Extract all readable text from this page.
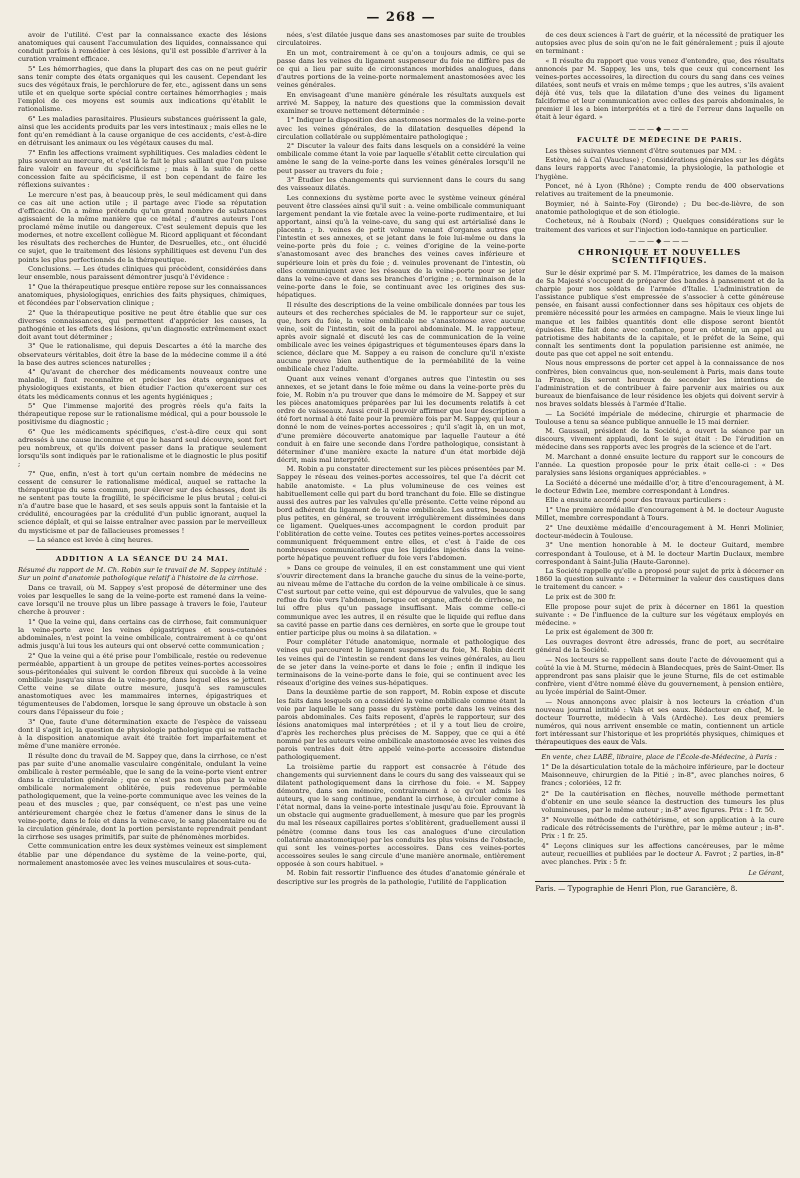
— 268 —

avoir de l'utilité. C'est par la connaissance exacte des lésions anatomiques qui causent l'accumulation des liquides, connaissance qui conduit parfois à remédier à ces lésions, qu'il est possible d'arriver à la curation vraiment efficace.

5° Les hémorrhagies, que dans la plupart des cas on ne peut guérir sans tenir compte des états organiques qui les causent. Cependant les sucs des végétaux frais, le perchlorure de fer, etc., agissent dans un sens utile et en quelque sorte spécial contre certaines hémorrhagies ; mais l'emploi de ces moyens est soumis aux indications qu'établit le rationalisme.

6° Les maladies parasitaires. Plusieurs substances guérissent la gale, ainsi que les accidents produits par les vers intestinaux ; mais elles ne le font qu'en remédiant à la cause organique de ces accidents, c'est-à-dire en détruisant les animaux ou les végétaux causes du mal.

7° Enfin les affections vraiment syphilitiques. Ces maladies cèdent le plus souvent au mercure, et c'est là le fait le plus saillant que l'on puisse faire valoir en faveur du spécificisme ; mais à la suite de cette concession faite au spécificisme, il est bon cependant de faire les réflexions suivantes :

Le mercure n'est pas, à beaucoup près, le seul médicament qui dans ce cas ait une action utile ; il partage avec l'iode sa réputation d'efficacité. On a même prétendu qu'un grand nombre de substances agissaient de la même manière que ce métal ; d'autres auteurs l'ont proclamé même inutile ou dangereux. C'est seulement depuis que les modernes, et notre excellent collègue M. Ricord appliquant et fécondant les résultats des recherches de Hunter, de Desruelles, etc., ont élucidé ce sujet, que le traitement des lésions syphilitiques est devenu l'un des points les plus perfectionnés de la thérapeutique.

Conclusions. — Les études cliniques qui précèdent, considérées dans leur ensemble, nous paraissent démontrer jusqu'à l'évidence :

1° Que la thérapeutique presque entière repose sur les connaissances anatomiques, physiologiques, enrichies des faits physiques, chimiques, et fécondées par l'observation clinique ;

2° Que la thérapeutique positive ne peut être établie que sur ces diverses connaissances, qui permettent d'apprécier les causes, la pathogénie et les effets des lésions, qu'un diagnostic extrêmement exact doit avant tout déterminer ;

3° Que le rationalisme, qui depuis Descartes a été la marche des observateurs véritables, doit être la base de la médecine comme il a été la base des autres sciences naturelles ;

4° Qu'avant de chercher des médicaments nouveaux contre une maladie, il faut reconnaître et préciser les états organiques et physiologiques existants, et bien étudier l'action qu'exercent sur ces états les médicaments connus et les agents hygiéniques ;

5° Que l'immense majorité des progrès réels qu'a faits la thérapeutique repose sur le rationalisme médical, qui a pour boussole le positivisme du diagnostic ;

6° Que les médicaments spécifiques, c'est-à-dire ceux qui sont adressés à une cause inconnue et que le hasard seul découvre, sont fort peu nombreux, et qu'ils doivent passer dans la pratique seulement lorsqu'ils sont indiqués par le rationalisme et le diagnostic le plus positif ;

7° Que, enfin, n'est à tort qu'un certain nombre de médecins ne cessent de censurer le rationalisme médical, auquel se rattache la thérapeutique du sens commun, pour élever sur des échasses, dont ils ne sentent pas toute la fragilité, le spécificisme le plus brutal ; celui-ci n'a d'autre base que le hasard, et ses seuls appuis sont la fantaisie et la crédulité, encouragées par la crédulité d'un public ignorant, auquel la science déplaît, et qui se laisse entraîner avec passion par le merveilleux du mysticisme et par de fallacieuses promesses !

— La séance est levée à cinq heures.

ADDITION A LA SÉANCE DU 24 MAI.

Résumé du rapport de M. Ch. Robin sur le travail de M. Sappey intitulé : Sur un point d'anatomie pathologique relatif à l'histoire de la cirrhose.

Dans ce travail, où M. Sappey s'est proposé de déterminer une des voies par lesquelles le sang de la veine-porte est ramené dans la veine-cave lorsqu'il ne trouve plus un libre passage à travers le foie, l'auteur cherche à prouver :

1° Que la veine qui, dans certains cas de cirrhose, fait communiquer la veine-porte avec les veines épigastriques et sous-cutanées abdominales, n'est point la veine ombilicale, contrairement à ce qu'ont admis jusqu'à lui tous les auteurs qui ont observé cette communication ;

2° Que la veine qui a été prise pour l'ombilicale, restée ou redevenue perméable, appartient à un groupe de petites veines-portes accessoires sous-péritonéales qui suivent le cordon fibreux qui succède à la veine ombilicale jusqu'au sinus de la veine-porte, dans lequel elles se jettent. Cette veine se dilate outre mesure, jusqu'à ses ramuscules anastomotiques avec les mammaires internes, épigastriques et tégumenteuses de l'abdomen, lorsque le sang éprouve un obstacle à son cours dans l'épaisseur du foie ;

3° Que, faute d'une détermination exacte de l'espèce de vaisseau dont il s'agit ici, la question de physiologie pathologique qui se rattache à la disposition anatomique avait été traitée fort imparfaitement et même d'une manière erronée.

Il résulte donc du travail de M. Sappey que, dans la cirrhose, ce n'est pas par suite d'une anomalie vasculaire congénitale, ondulant la veine ombilicale à rester perméable, que le sang de la veine-porte vient entrer dans la circulation générale ; que ce n'est pas non plus par la veine ombilicale normalement oblitérée, puis redevenue perméable pathologiquement, que la veine-porte communique avec les veines de la peau et des muscles ; que, par conséquent, ce n'est pas une veine antérieurement chargée chez le fœtus d'amener dans le sinus de la veine-porte, dans le foie et dans la veine-cave, le sang placentaire ou de la circulation générale, dont la portion persistante reprendrait pendant la cirrhose ses usages primitifs, par suite de phénomènes morbides.

Cette communication entre les deux systèmes veineux est simplement établie par une dépendance du système de la veine-porte, qui, normalement anastomosée avec les veines musculaires et sous-cuta-

nées, s'est dilatée jusque dans ses anastomoses par suite de troubles circulatoires.

En un mot, contrairement à ce qu'on a toujours admis, ce qui se passe dans les veines du ligament suspenseur du foie ne diffère pas de ce qui a lieu par suite de circonstances morbides analogues, dans d'autres portions de la veine-porte normalement anastomosées avec les veines générales.

En envisageant d'une manière générale les résultats auxquels est arrivé M. Sappey, la nature des questions que la commission devait examiner se trouve nettement déterminée :

1° Indiquer la disposition des anastomoses normales de la veine-porte avec les veines générales, de la dilatation desquelles dépend la circulation collatérale ou supplémentaire pathologique ;

2° Discuter la valeur des faits dans lesquels on a considéré la veine ombilicale comme étant la voie par laquelle s'établit cette circulation qui amène le sang de la veine-porte dans les veines générales lorsqu'il ne peut passer au travers du foie ;

3° Étudier les changements qui surviennent dans le cours du sang des vaisseaux dilatés.

Les connexions du système porte avec le système veineux général peuvent être classées ainsi qu'il suit : a. veine ombilicale communiquant largement pendant la vie fœtale avec la veine-porte rudimentaire, et lui apportant, ainsi qu'à la veine-cave, du sang qui est artérialisé dans le placenta ; b. veines de petit volume venant d'organes autres que l'intestin et ses annexes, et se jetant dans le foie lui-même ou dans la veine-porte près du foie ; c. veines d'origine de la veine-porte s'anastomosant avec des branches des veines caves inférieure et supérieure loin et près du foie ; d. veinules provenant de l'intestin, où elles communiquent avec les réseaux de la veine-porte pour se jeter dans la veine-cave et dans ses branches d'origine ; e. terminaison de la veine-porte dans le foie, se continuant avec les origines des sus-hépatiques.

Il résulte des descriptions de la veine ombilicale données par tous les auteurs et des recherches spéciales de M. le rapporteur sur ce sujet, que, hors du foie, la veine ombilicale ne s'anastomose avec aucune veine, soit de l'intestin, soit de la paroi abdominale. M. le rapporteur, après avoir signalé et discuté les cas de communication de la veine ombilicale avec les veines épigastriques et tégumenteuses épars dans la science, déclare que M. Sappey a eu raison de conclure qu'il n'existe aucune preuve bien authentique de la perméabilité de la veine ombilicale chez l'adulte.

Quant aux veines venant d'organes autres que l'intestin ou ses annexes, et se jetant dans le foie même ou dans la veine-porte près du foie, M. Robin n'a pu trouver que dans le mémoire de M. Sappey et sur les pièces anatomiques préparées par lui les documents relatifs à cet ordre de vaisseaux. Aussi croit-il pouvoir affirmer que leur description a été fort normal à été faite pour la première fois par M. Sappey, qui leur a donné le nom de veines-portes accessoires ; qu'il s'agit là, en un mot, d'une première découverte anatomique par laquelle l'auteur a été conduit à en faire une seconde dans l'ordre pathologique, consistant à déterminer d'une manière exacte la nature d'un état morbide déjà décrit, mais mal interprété.

M. Robin a pu constater directement sur les pièces présentées par M. Sappey le réseau des veines-portes accessoires, tel que l'a décrit cet habile anatomiste. « La plus volumineuse de ces veines est habituellement celle qui part du bord tranchant du foie. Elle se distingue aussi des autres par les valvules qu'elle présente. Cette veine répond au bord adhérent du ligament de la veine ombilicale. Les autres, beaucoup plus petites, en général, se trouvent irrégulièrement disséminées dans ce ligament. Quelques-unes accompagnent le cordon produit par l'oblitération de cette veine. Toutes ces petites veines-portes accessoires communiquent fréquemment entre elles, et c'est à l'aide de ces nombreuses communications que les liquides injectés dans la veine-porte hépatique peuvent refluer du foie vers l'abdomen.

» Dans ce groupe de veinules, il en est constamment une qui vient s'ouvrir directement dans la branche gauche du sinus de la veine-porte, au niveau même de l'attache du cordon de la veine ombilicale à ce sinus. C'est surtout par cette veine, qui est dépourvue de valvules, que le sang reflue du foie vers l'abdomen, lorsque cet organe, affecté de cirrhose, ne lui offre plus qu'un passage insuffisant. Mais comme celle-ci communique avec les autres, il en résulte que le liquide qui reflue dans sa cavité passe en partie dans ces dernières, en sorte que le groupe tout entier participe plus ou moins à sa dilatation. »

Pour compléter l'étude anatomique, normale et pathologique des veines qui parcourent le ligament suspenseur du foie, M. Robin décrit les veines qui de l'intestin se rendent dans les veines générales, au lieu de se jeter dans la veine-porte et dans le foie ; enfin il indique les terminaisons de la veine-porte dans le foie, qui se continuent avec les réseaux d'origine des veines sus-hépatiques.

Dans la deuxième partie de son rapport, M. Robin expose et discute les faits dans lesquels on a considéré la veine ombilicale comme étant la voie par laquelle le sang passe du système porte dans les veines des parois abdominales. Ces faits reposent, d'après le rapporteur, sur des lésions anatomiques mal interprétées ; et il y a tout lieu de croire, d'après les recherches plus précises de M. Sappey, que ce qui a été nommé par les auteurs veine ombilicale anastomosée avec les veines des parois ventrales doit être appelé veine-porte accessoire distendue pathologiquement.

La troisième partie du rapport est consacrée à l'étude des changements qui surviennent dans le cours du sang des vaisseaux qui se dilatent pathologiquement dans la cirrhose du foie. « M. Sappey démontre, dans son mémoire, contrairement à ce qu'ont admis les auteurs, que le sang continue, pendant la cirrhose, à circuler comme à l'état normal, dans la veine-porte intestinale jusqu'au foie. Éprouvant là un obstacle qui augmente graduellement, à mesure que par les progrès du mal les réseaux capillaires portes s'oblitèrent, graduellement aussi il pénètre (comme dans tous les cas analogues d'une circulation collatérale anastomotique) par les conduits les plus voisins de l'obstacle, qui sont les veines-portes accessoires. Dans ces veines-portes accessoires seules le sang circule d'une manière anormale, entièrement opposée à son cours habituel. »

M. Robin fait ressortir l'influence des études d'anatomie générale et descriptive sur les progrès de la pathologie, l'utilité de l'application

de ces deux sciences à l'art de guérir, et la nécessité de pratiquer les autopsies avec plus de soin qu'on ne le fait généralement ; puis il ajoute en terminant :

« Il résulte du rapport que vous venez d'entendre, que, des résultats annoncés par M. Sappey, les uns, tels que ceux qui concernent les veines-portes accessoires, la direction du cours du sang dans ces veines dilatées, sont neufs et vrais en même temps ; que les autres, s'ils avaient déjà été vus, tels que la dilatation d'une des veines du ligament falciforme et leur communication avec celles des parois abdominales, le premier il les a bien interprétés et a tiré de l'erreur dans laquelle on était à leur égard. »

———◆———
FACULTÉ DE MÉDECINE DE PARIS.

Les thèses suivantes viennent d'être soutenues par MM. :

Estève, né à Caï (Vaucluse) ; Considérations générales sur les dégâts dans leurs rapports avec l'anatomie, la physiologie, la pathologie et l'hygiène.

Poncet, né à Lyon (Rhône) ; Compte rendu de 400 observations relatives au traitement de la pneumonie.

Boymier, né à Sainte-Foy (Gironde) ; Du bec-de-lièvre, de son anatomie pathologique et de son étiologie.

Cocheteux, né à Roubaix (Nord) ; Quelques considérations sur le traitement des varices et sur l'injection iodo-tannique en particulier.

———◆———
CHRONIQUE ET NOUVELLES SCIENTIFIQUES.

Sur le désir exprimé par S. M. l'Impératrice, les dames de la maison de Sa Majesté s'occupent de préparer des bandes à pansement et de la charpie pour nos soldats de l'armée d'Italie. L'administration de l'assistance publique s'est empressée de s'associer à cette généreuse pensée, en faisant aussi confectionner dans ses hôpitaux ces objets de première nécessité pour les armées en campagne. Mais le vieux linge lui manque et les faibles quantités dont elle dispose seront bientôt épuisées. Elle fait donc avec confiance, pour en obtenir, un appel au patriotisme des habitants de la capitale, et le préfet de la Seine, qui connaît les sentiments dont la population parisienne est animée, ne doute pas que cet appel ne soit entendu.

Nous nous empressons de porter cet appel à la connaissance de nos confrères, bien convaincus que, non-seulement à Paris, mais dans toute la France, ils seront heureux de seconder les intentions de l'administration et de contribuer à faire parvenir aux mairies ou aux bureaux de bienfaisance de leur résidence les objets qui doivent servir à nos braves soldats blessés à l'armée d'Italie.

— La Société impériale de médecine, chirurgie et pharmacie de Toulouse a tenu sa séance publique annuelle le 15 mai dernier.

M. Gaussail, président de la Société, a ouvert la séance par un discours, vivement applaudi, dont le sujet était : De l'érudition en médecine dans ses rapports avec les progrès de la science et de l'art.

M. Marchant a donné ensuite lecture du rapport sur le concours de l'année. La question proposée pour le prix était celle-ci : « Des paralysies sans lésions organiques appréciables. »

La Société a décerné une médaille d'or, à titre d'encouragement, à M. le docteur Edwin Lee, membre correspondant à Londres.

Elle a ensuite accordé pour des travaux particuliers :

1° Une première médaille d'encouragement à M. le docteur Auguste Millet, membre correspondant à Tours.

2° Une deuxième médaille d'encouragement à M. Henri Molinier, docteur-médecin à Toulouse.

3° Une mention honorable à M. le docteur Guitard, membre correspondant à Toulouse, et à M. le docteur Martin Duclaux, membre correspondant à Saint-Julia (Haute-Garonne).

La Société rappelle qu'elle a proposé pour sujet de prix à décerner en 1860 la question suivante : « Déterminer la valeur des caustiques dans le traitement du cancer. »

Le prix est de 300 fr.

Elle propose pour sujet de prix à décerner en 1861 la question suivante : « De l'influence de la culture sur les végétaux employés en médecine. »

Le prix est également de 300 fr.

Les ouvrages devront être adressés, franc de port, au secrétaire général de la Société.

— Nos lecteurs se rappellent sans doute l'acte de dévouement qui a coûté la vie à M. Sturne, médecin à Blandecques, près de Saint-Omer. Ils apprendront pas sans plaisir que le jeune Sturne, fils de cet estimable confrère, vient d'être nommé élève du gouvernement, à pension entière, au lycée impérial de Saint-Omer.

— Nous annonçons avec plaisir à nos lecteurs la création d'un nouveau journal intitulé : Vals et ses eaux. Rédacteur en chef, M. le docteur Tourrette, médecin à Vals (Ardèche). Les deux premiers numéros, qui nous arrivent ensemble ce matin, contiennent un article fort intéressant sur l'historique et les propriétés physiques, chimiques et thérapeutiques des eaux de Vals.

En vente, chez LABÉ, libraire, place de l'École-de-Médecine, à Paris :

1° De la désarticulation totale de la mâchoire inférieure, par le docteur Maisonneuve, chirurgien de la Pitié ; in-8°, avec planches noires, 6 francs ; coloriées, 12 fr.

2° De la cautérisation en flèches, nouvelle méthode permettant d'obtenir en une seule séance la destruction des tumeurs les plus volumineuses, par le même auteur ; in-8° avec figures. Prix : 1 fr. 50.

3° Nouvelle méthode de cathétérisme, et son application à la cure radicale des rétrécissements de l'urèthre, par le même auteur ; in-8°. Prix : 1 fr. 25.

4° Leçons cliniques sur les affections cancéreuses, par le même auteur, recueillies et publiées par le docteur A. Favrot ; 2 parties, in-8° avec planches. Prix : 5 fr.

Le Gérant,
Paris. — Typographie de Henri Plon, rue Garancière, 8.
